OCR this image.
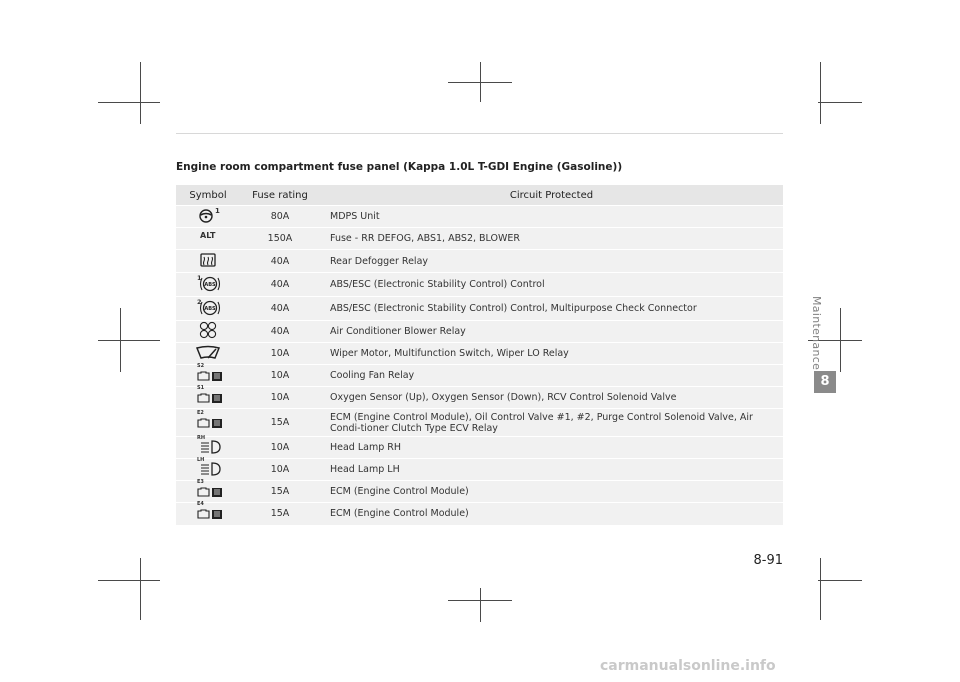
Engine room compartment fuse panel (Kappa 1.0L T-GDI Engine (Gasoline))
Symbol	Fuse rating	Circuit Protected

1	80A	MDPS Unit

ALT	150A	Fuse - RR DEFOG, ABS1, ABS2, BLOWER

	40A	Rear Defogger Relay

ABS
1	40A	ABS/ESC (Electronic Stability Control) Control

ABS
2	40A	ABS/ESC (Electronic Stability Control) Control, Multipurpose Check Connector

	40A	Air Conditioner Blower Relay

	10A	Wiper Motor, Multifunction Switch, Wiper LO Relay

S2	10A	Cooling Fan Relay

S1	10A	Oxygen Sensor (Up), Oxygen Sensor (Down), RCV Control Solenoid Valve

E2	15A	ECM (Engine Control Module), Oil Control Valve #1, #2, Purge Control Solenoid Valve, Air Condi-tioner Clutch Type ECV Relay

RH	10A	Head Lamp RH

LH	10A	Head Lamp LH

E3	15A	ECM (Engine Control Module)

E4	15A	ECM (Engine Control Module)
Maintenance
8
8-91
carmanualsonline.info
